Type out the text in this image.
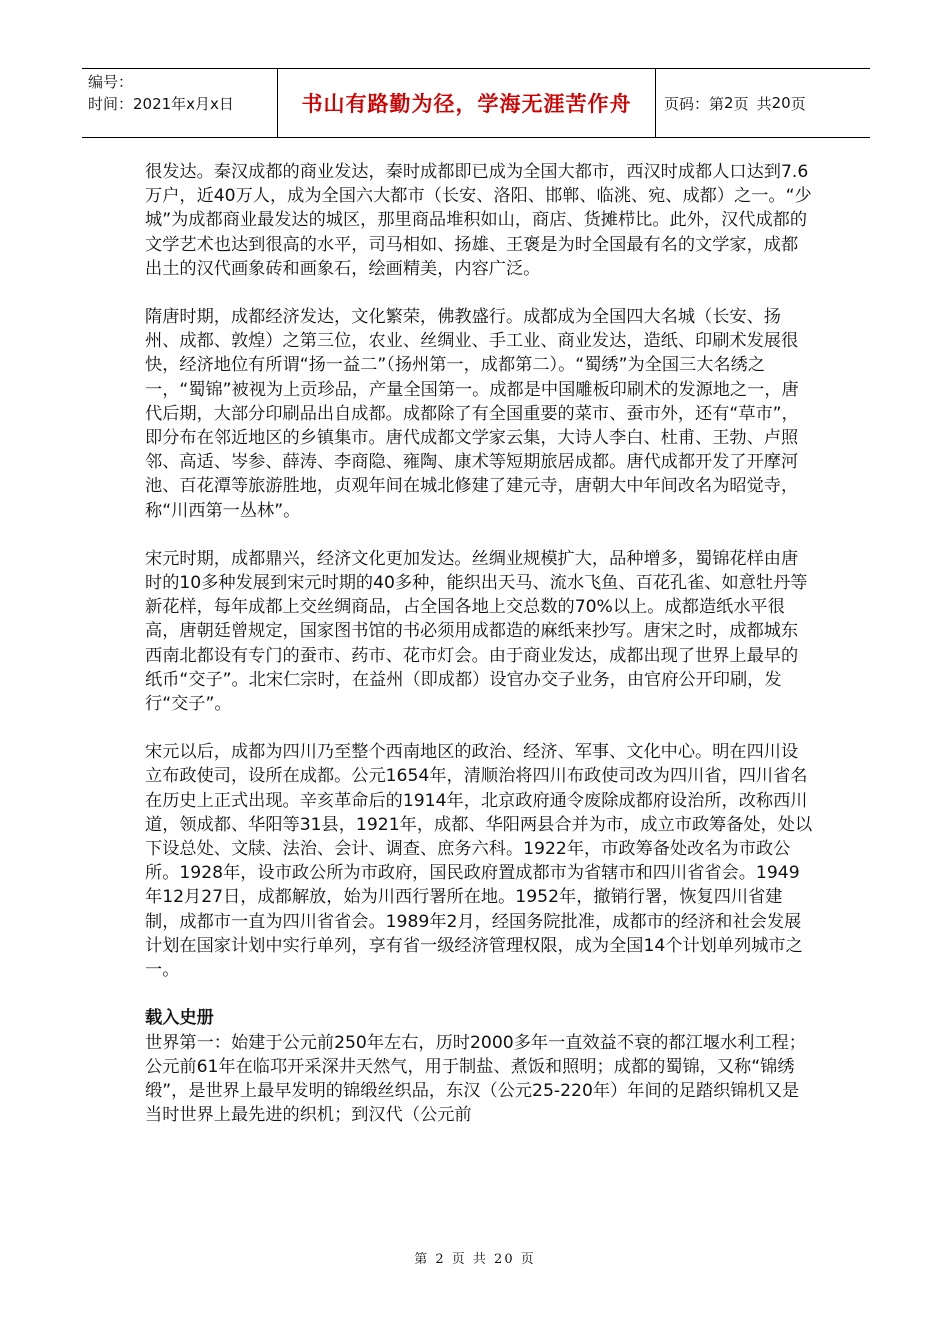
编号：
时间：2021年x月x日	书山有路勤为径，学海无涯苦作舟	页码：第 2 页 共 20 页

很发达。秦汉成都的商业发达，秦时成都即已成为全国大都市，西汉时成都人口达到7.6万户，近40万人，成为全国六大都市（长安、洛阳、邯郸、临洮、宛、成都）之一。“少城”为成都商业最发达的城区，那里商品堆积如山，商店、货摊栉比。此外，汉代成都的文学艺术也达到很高的水平，司马相如、扬雄、王褒是为时全国最有名的文学家，成都出土的汉代画象砖和画象石，绘画精美，内容广泛。

隋唐时期，成都经济发达，文化繁荣，佛教盛行。成都成为全国四大名城（长安、扬州、成都、敦煌）之第三位，农业、丝绸业、手工业、商业发达，造纸、印刷术发展很快，经济地位有所谓“扬一益二”（扬州第一，成都第二）。“蜀绣”为全国三大名绣之一，“蜀锦”被视为上贡珍品，产量全国第一。成都是中国雕板印刷术的发源地之一，唐代后期，大部分印刷品出自成都。成都除了有全国重要的菜市、蚕市外，还有“草市”，即分布在邻近地区的乡镇集市。唐代成都文学家云集，大诗人李白、杜甫、王勃、卢照邻、高适、岑参、薛涛、李商隐、雍陶、康术等短期旅居成都。唐代成都开发了开摩河池、百花潭等旅游胜地，贞观年间在城北修建了建元寺，唐朝大中年间改名为昭觉寺，称“川西第一丛林”。

宋元时期，成都鼎兴，经济文化更加发达。丝绸业规模扩大，品种增多，蜀锦花样由唐时的10多种发展到宋元时期的40多种，能织出天马、流水飞鱼、百花孔雀、如意牡丹等新花样，每年成都上交丝绸商品，占全国各地上交总数的70%以上。成都造纸水平很高，唐朝廷曾规定，国家图书馆的书必须用成都造的麻纸来抄写。唐宋之时，成都城东西南北都设有专门的蚕市、药市、花市灯会。由于商业发达，成都出现了世界上最早的纸币“交子”。北宋仁宗时，在益州（即成都）设官办交子业务，由官府公开印刷，发行“交子”。

宋元以后，成都为四川乃至整个西南地区的政治、经济、军事、文化中心。明在四川设立布政使司，设所在成都。公元1654年，清顺治将四川布政使司改为四川省，四川省名在历史上正式出现。辛亥革命后的1914年，北京政府通令废除成都府设治所，改称西川道，领成都、华阳等31县，1921年，成都、华阳两县合并为市，成立市政筹备处，处以下设总处、文牍、法治、会计、调查、庶务六科。1922年，市政筹备处改名为市政公所。1928年，设市政公所为市政府，国民政府置成都市为省辖市和四川省省会。1949年12月27日，成都解放，始为川西行署所在地。1952年，撤销行署，恢复四川省建制，成都市一直为四川省省会。1989年2月，经国务院批准，成都市的经济和社会发展计划在国家计划中实行单列，享有省一级经济管理权限，成为全国14个计划单列城市之一。

载入史册

世界第一：始建于公元前250年左右，历时2000多年一直效益不衰的都江堰水利工程；公元前61年在临邛开采深井天然气，用于制盐、煮饭和照明；成都的蜀锦，又称“锦绣缎”，是世界上最早发明的锦缎丝织品，东汉（公元25-220年）年间的足踏织锦机又是当时世界上最先进的织机；到汉代（公元前

第 2 页 共 20 页
